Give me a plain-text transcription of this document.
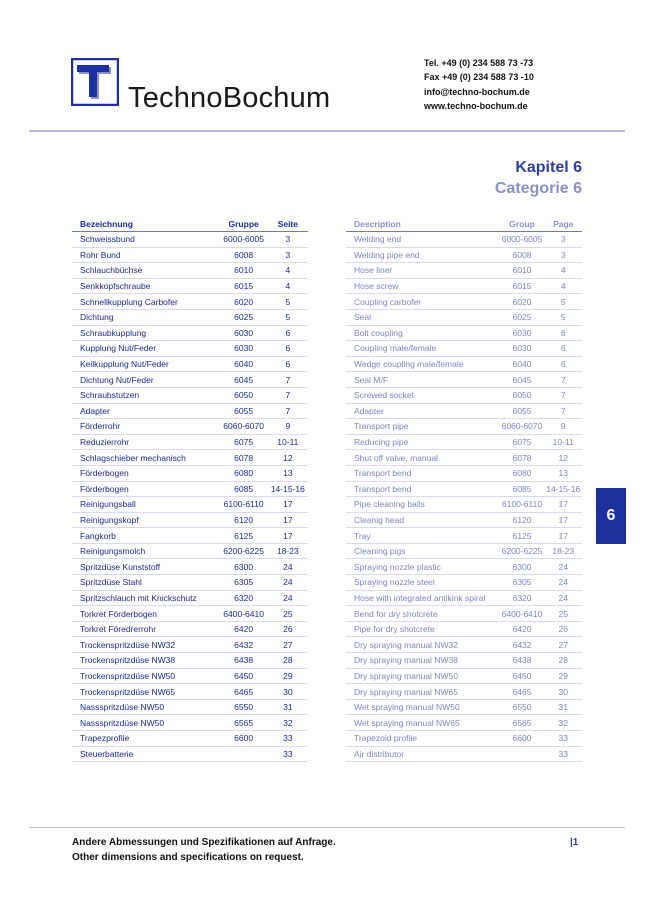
TechnoBochum
Tel. +49 (0) 234 588 73 -73
Fax +49 (0) 234 588 73 -10
info@techno-bochum.de
www.techno-bochum.de
Kapitel 6
Categorie 6
Bezeichnung	Gruppe	Seite
Schweissbund	6000-6005	3
Rohr Bund	6008	3
Schlauchbüchse	6010	4
Senkkopfschraube	6015	4
Schnellkupplung Carbofer	6020	5
Dichtung	6025	5
Schraubkupplung	6030	6
Kupplung Nut/Feder	6030	6
Keilkupplung Nut/Feder	6040	6
Dichtung Nut/Feder	6045	7
Schraubstutzen	6050	7
Adapter	6055	7
Förderrohr	6060-6070	9
Reduzierrohr	6075	10-11
Schlagschieber mechanisch	6078	12
Förderbogen	6080	13
Förderbogen	6085	14-15-16
Reinigungsball	6100-6110	17
Reinigungskopf	6120	17
Fangkorb	6125	17
Reinigungsmolch	6200-6225	18-23
Spritzdüse Kunststoff	6300	24
Spritzdüse Stahl	6305	24
Spritzschlauch mit Knickschutz	6320	24
Torkret Förderbogen	6400-6410	25
Torkret Föredrerrohr	6420	26
Trockenspritzdüse NW32	6432	27
Trockenspritzdüse NW38	6438	28
Trockenspritzdüse NW50	6450	29
Trockenspritzdüse NW65	6465	30
Nassspritzdüse NW50	6550	31
Nassspritzdüse NW50	6565	32
Trapezprofile	6600	33
Steuerbatterie		33
Description	Group	Page
Welding end	6000-6005	3
Welding pipe end	6008	3
Hose liner	6010	4
Hose screw	6015	4
Coupling carbofer	6020	5
Seal	6025	5
Bolt coupling	6030	6
Coupling male/female	6030	6
Wedge coupling male/female	6040	6
Seal M/F	6045	7
Screwed socket	6050	7
Adapter	6055	7
Transport pipe	6060-6070	9
Reducing pipe	6075	10-11
Shut off valve, manual	6078	12
Transport bend	6080	13
Transport bend	6085	14-15-16
Pipe cleaning balls	6100-6110	17
Cleanig head	6120	17
Tray	6125	17
Cleaning pigs	6200-6225	18-23
Spraying nozzle plastic	6300	24
Spraying nozzle steel	6305	24
Hose with integrated antikink spiral	6320	24
Bend for dry shotcrete	6400-6410	25
Pipe for dry shotcrete	6420	26
Dry spraying manual NW32	6432	27
Dry spraying manual NW38	6438	28
Dry spraying manual NW50	6450	29
Dry spraying manual NW65	6465	30
Wet spraying manual NW50	6550	31
Wet spraying manual NW65	6565	32
Trapezoid profile	6600	33
Air distributor		33
6
Andere Abmessungen und Spezifikationen auf Anfrage.
Other dimensions and specifications on request.
|1
